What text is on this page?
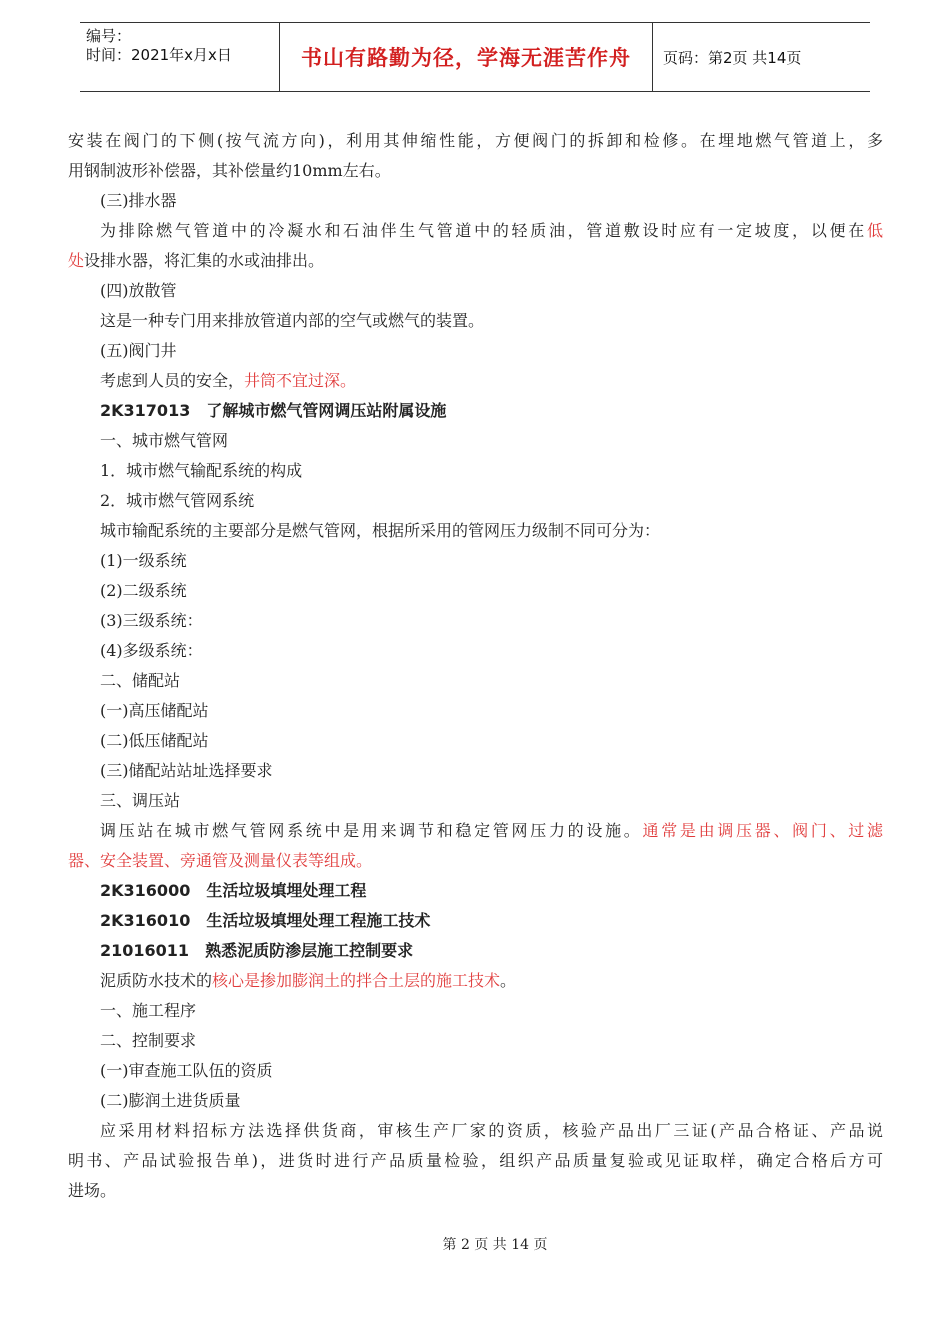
编号：
时间：2021年x月x日	书山有路勤为径，学海无涯苦作舟	页码：第2页 共14页
安装在阀门的下侧(按气流方向)，利用其伸缩性能，方便阀门的拆卸和检修。在埋地燃气管道上，多
用钢制波形补偿器，其补偿量约10mm左右。
(三)排水器
为排除燃气管道中的冷凝水和石油伴生气管道中的轻质油，管道敷设时应有一定坡度，以便在低
处设排水器，将汇集的水或油排出。
(四)放散管
这是一种专门用来排放管道内部的空气或燃气的装置。
(五)阀门井
考虑到人员的安全，井筒不宜过深。
2K317013　了解城市燃气管网调压站附属设施
一、城市燃气管网
1．城市燃气输配系统的构成
2．城市燃气管网系统
城市输配系统的主要部分是燃气管网，根据所采用的管网压力级制不同可分为：
(1)一级系统
(2)二级系统
(3)三级系统：
(4)多级系统：
二、储配站
(一)高压储配站
(二)低压储配站
(三)储配站站址选择要求
三、调压站
调压站在城市燃气管网系统中是用来调节和稳定管网压力的设施。通常是由调压器、阀门、过滤
器、安全装置、旁通管及测量仪表等组成。
2K316000　生活垃圾填埋处理工程
2K316010　生活垃圾填埋处理工程施工技术
21016011　熟悉泥质防渗层施工控制要求
泥质防水技术的核心是掺加膨润土的拌合土层的施工技术。
一、施工程序
二、控制要求
(一)审查施工队伍的资质
(二)膨润土进货质量
应采用材料招标方法选择供货商，审核生产厂家的资质，核验产品出厂三证(产品合格证、产品说
明书、产品试验报告单)，进货时进行产品质量检验，组织产品质量复验或见证取样，确定合格后方可
进场。
第 2 页 共 14 页
